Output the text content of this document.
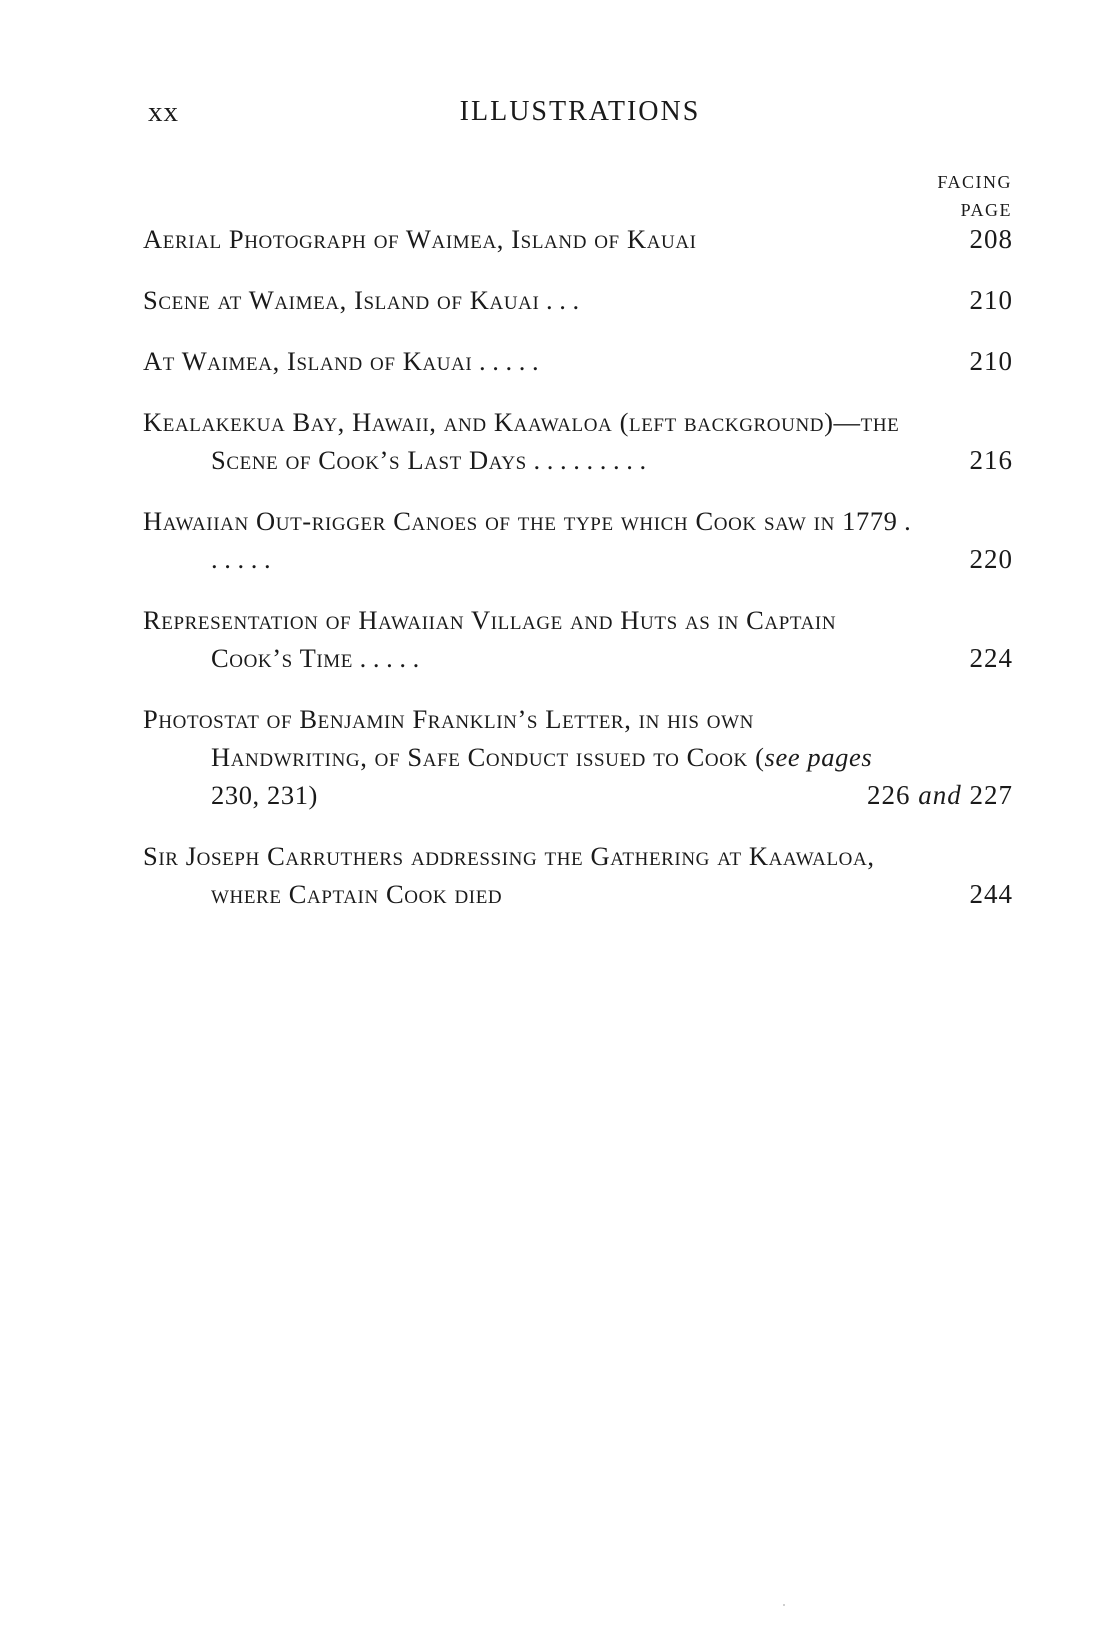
xx	ILLUSTRATIONS
FACING
PAGE
Aerial Photograph of Waimea, Island of Kauai	208
Scene at Waimea, Island of Kauai . . .	210
At Waimea, Island of Kauai . . . . .	210
Kealakekua Bay, Hawaii, and Kaawaloa (left background)—the Scene of Cook’s Last Days . . . . . . . . .	216
Hawaiian Out-rigger Canoes of the type which Cook saw in 1779 . . . . . .	220
Representation of Hawaiian Village and Huts as in Captain Cook’s Time . . . . .	224
Photostat of Benjamin Franklin’s Letter, in his own Handwriting, of Safe Conduct issued to Cook (see pages 230, 231)	226 and 227
Sir Joseph Carruthers addressing the Gathering at Kaawaloa, where Captain Cook died	244
